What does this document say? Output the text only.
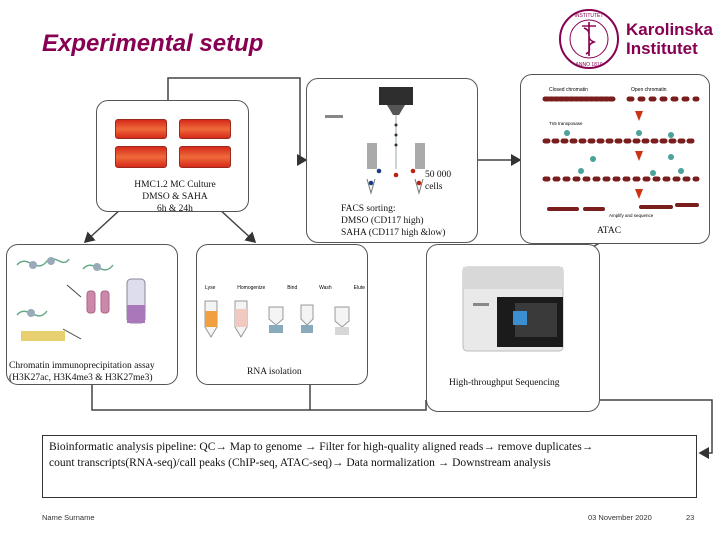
Experimental setup
INSTITUTET
ANNO 1810
Karolinska
Institutet
HMC1.2 MC Culture
DMSO & SAHA
6h & 24h
50 000
cells
FACS sorting:
DMSO (CD117 high)
SAHA (CD117 high &low)
Closed chromatin	Open chromatin
Tn5 transposase
Amplify and sequence
ATAC
Chromatin immunoprecipitation assay
(H3K27ac, H3K4me3 & H3K27me3)
Lyse	Homogenize	Bind	Wash	Elute
RNA isolation
High-throughput Sequencing
Bioinformatic analysis pipeline: QC→ Map to genome → Filter for high-quality aligned reads→ remove duplicates→
count transcripts(RNA-seq)/call peaks (ChIP-seq, ATAC-seq)→ Data normalization → Downstream analysis
Name Surname	03 November 2020	23
